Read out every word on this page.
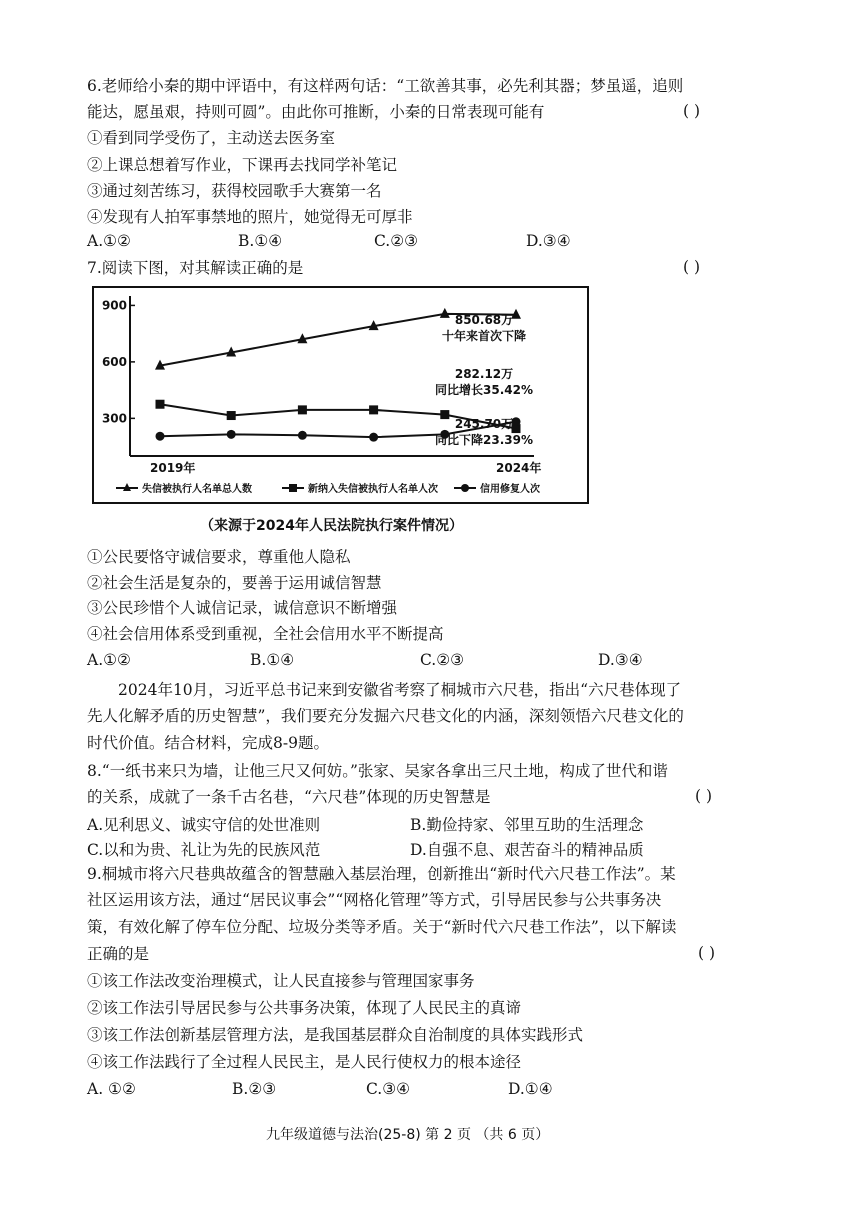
6.老师给小秦的期中评语中，有这样两句话：“工欲善其事，必先利其器；梦虽遥，追则
能达，愿虽艰，持则可圆”。由此你可推断，小秦的日常表现可能有	( )
①看到同学受伤了，主动送去医务室
②上课总想着写作业，下课再去找同学补笔记
③通过刻苦练习，获得校园歌手大赛第一名
④发现有人拍军事禁地的照片，她觉得无可厚非
A.①②	B.①④	C.②③	D.③④
7.阅读下图，对其解读正确的是	( )
900
600
300
2019年	2024年
850.68万
十年来首次下降
282.12万
同比增长35.42%
245.70万
同比下降23.39%
失信被执行人名单总人数	新纳入失信被执行人名单人次	信用修复人次
（来源于2024年人民法院执行案件情况）
①公民要恪守诚信要求，尊重他人隐私
②社会生活是复杂的，要善于运用诚信智慧
③公民珍惜个人诚信记录，诚信意识不断增强
④社会信用体系受到重视，全社会信用水平不断提高
A.①②	B.①④	C.②③	D.③④
2024年10月，习近平总书记来到安徽省考察了桐城市六尺巷，指出“六尺巷体现了
先人化解矛盾的历史智慧”，我们要充分发掘六尺巷文化的内涵，深刻领悟六尺巷文化的
时代价值。结合材料，完成8-9题。
8.“一纸书来只为墙，让他三尺又何妨。”张家、吴家各拿出三尺土地，构成了世代和谐
的关系，成就了一条千古名巷，“六尺巷”体现的历史智慧是	( )
A.见利思义、诚实守信的处世准则	B.勤俭持家、邻里互助的生活理念
C.以和为贵、礼让为先的民族风范	D.自强不息、艰苦奋斗的精神品质
9.桐城市将六尺巷典故蕴含的智慧融入基层治理，创新推出“新时代六尺巷工作法”。某
社区运用该方法，通过“居民议事会”“网格化管理”等方式，引导居民参与公共事务决
策，有效化解了停车位分配、垃圾分类等矛盾。关于“新时代六尺巷工作法”，以下解读
正确的是	( )
①该工作法改变治理模式，让人民直接参与管理国家事务
②该工作法引导居民参与公共事务决策，体现了人民民主的真谛
③该工作法创新基层管理方法，是我国基层群众自治制度的具体实践形式
④该工作法践行了全过程人民民主，是人民行使权力的根本途径
A. ①②	B.②③	C.③④	D.①④
九年级道德与法治(25-8) 第 2 页 （共 6 页）
